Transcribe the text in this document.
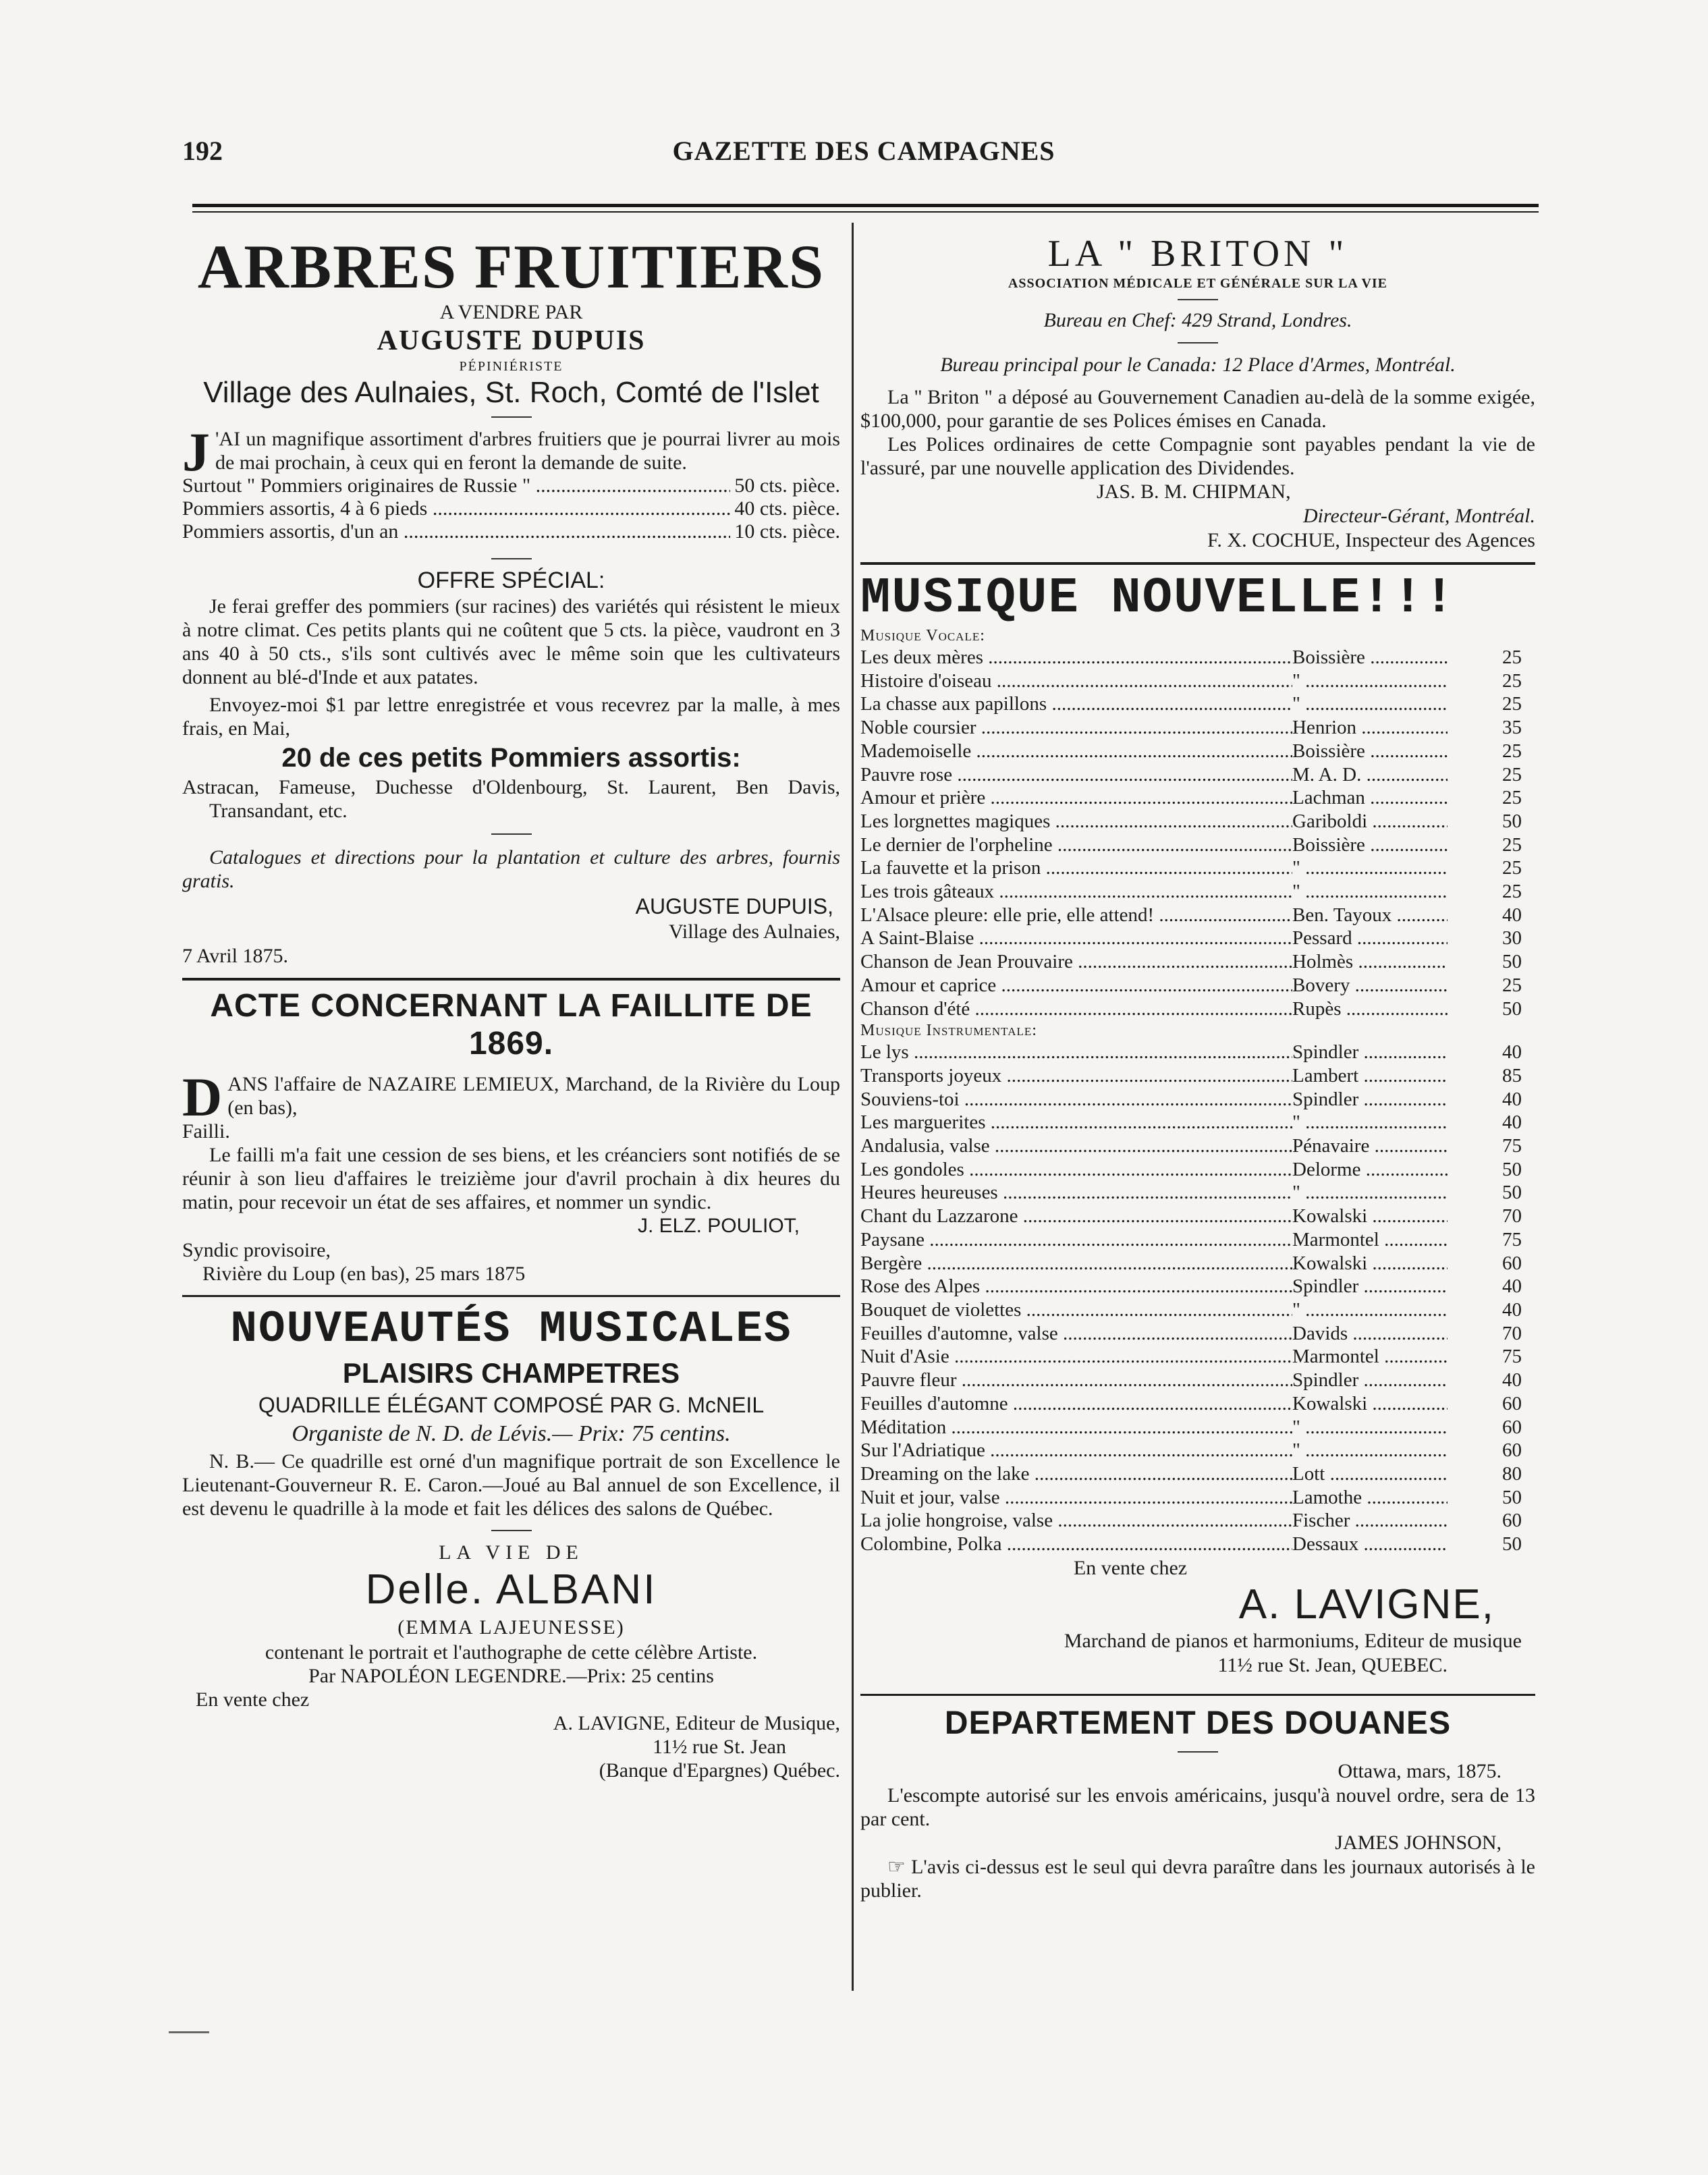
192	GAZETTE DES CAMPAGNES
ARBRES FRUITIERS
A VENDRE PAR
AUGUSTE DUPUIS
PÉPINIÉRISTE
Village des Aulnaies, St. Roch, Comté de l'Islet
J 'AI un magnifique assortiment d'arbres fruitiers que je pourrai livrer au mois de mai prochain, à ceux qui en feront la demande de suite.
Surtout " Pommiers originaires de Russie " .....	50 cts. pièce.
Pommiers assortis, 4 à 6 pieds .....	40 cts. pièce.
Pommiers assortis, d'un an .....	10 cts. pièce.
OFFRE SPÉCIAL:
Je ferai greffer des pommiers (sur racines) des variétés qui résistent le mieux à notre climat. Ces petits plants qui ne coûtent que 5 cts. la pièce, vaudront en 3 ans 40 à 50 cts., s'ils sont cultivés avec le même soin que les cultivateurs donnent au blé-d'Inde et aux patates.
Envoyez-moi $1 par lettre enregistrée et vous recevrez par la malle, à mes frais, en Mai,
20 de ces petits Pommiers assortis:
Astracan, Fameuse, Duchesse d'Oldenbourg, St. Laurent, Ben Davis, Transandant, etc.
Catalogues et directions pour la plantation et culture des arbres, fournis gratis.
AUGUSTE DUPUIS,
Village des Aulnaies,
7 Avril 1875.
ACTE CONCERNANT LA FAILLITE DE 1869.
DANS l'affaire de NAZAIRE LEMIEUX, Marchand, de la Rivière du Loup (en bas),
Failli.
Le failli m'a fait une cession de ses biens, et les créanciers sont notifiés de se réunir à son lieu d'affaires le treizième jour d'avril prochain à dix heures du matin, pour recevoir un état de ses affaires, et nommer un syndic.
J. ELZ. POULIOT,
Syndic provisoire,
Rivière du Loup (en bas), 25 mars 1875
NOUVEAUTÉS MUSICALES
PLAISIRS CHAMPETRES
QUADRILLE ÉLÉGANT COMPOSÉ PAR G. McNEIL
Organiste de N. D. de Lévis.— Prix: 75 centins.
N. B.— Ce quadrille est orné d'un magnifique portrait de son Excellence le Lieutenant-Gouverneur R. E. Caron.—Joué au Bal annuel de son Excellence, il est devenu le quadrille à la mode et fait les délices des salons de Québec.
LA VIE DE
Delle. ALBANI
(EMMA LAJEUNESSE)
contenant le portrait et l'authographe de cette célèbre Artiste.
Par NAPOLÉON LEGENDRE.—Prix: 25 centins
En vente chez
A. LAVIGNE, Editeur de Musique,
11½ rue St. Jean
(Banque d'Epargnes) Québec.
LA " BRITON "
ASSOCIATION MÉDICALE ET GÉNÉRALE SUR LA VIE
Bureau en Chef: 429 Strand, Londres.
Bureau principal pour le Canada: 12 Place d'Armes, Montréal.
La " Briton " a déposé au Gouvernement Canadien au-delà de la somme exigée, $100,000, pour garantie de ses Polices émises en Canada.
Les Polices ordinaires de cette Compagnie sont payables pendant la vie de l'assuré, par une nouvelle application des Dividendes.
JAS. B. M. CHIPMAN,
Directeur-Gérant, Montréal.
F. X. COCHUE, Inspecteur des Agences
MUSIQUE NOUVELLE!!!
Musique Vocale:
Les deux mères .....	Boissière .....	25
Histoire d'oiseau .....	" .....	25
La chasse aux papillons .....	" .....	25
Noble coursier .....	Henrion .....	35
Mademoiselle .....	Boissière .....	25
Pauvre rose .....	M. A. D. .....	25
Amour et prière .....	Lachman .....	25
Les lorgnettes magiques .....	Gariboldi .....	50
Le dernier de l'orpheline .....	Boissière .....	25
La fauvette et la prison .....	" .....	25
Les trois gâteaux .....	" .....	25
L'Alsace pleure: elle prie, elle attend! .....	Ben. Tayoux .....	40
A Saint-Blaise .....	Pessard .....	30
Chanson de Jean Prouvaire .....	Holmès .....	50
Amour et caprice .....	Bovery .....	25
Chanson d'été .....	Rupès .....	50
Musique Instrumentale:
Le lys .....	Spindler .....	40
Transports joyeux .....	Lambert .....	85
Souviens-toi .....	Spindler .....	40
Les marguerites .....	" .....	40
Andalusia, valse .....	Pénavaire .....	75
Les gondoles .....	Delorme .....	50
Heures heureuses .....	" .....	50
Chant du Lazzarone .....	Kowalski .....	70
Paysane .....	Marmontel .....	75
Bergère .....	Kowalski .....	60
Rose des Alpes .....	Spindler .....	40
Bouquet de violettes .....	" .....	40
Feuilles d'automne, valse .....	Davids .....	70
Nuit d'Asie .....	Marmontel .....	75
Pauvre fleur .....	Spindler .....	40
Feuilles d'automne .....	Kowalski .....	60
Méditation .....	" .....	60
Sur l'Adriatique .....	" .....	60
Dreaming on the lake .....	Lott .....	80
Nuit et jour, valse .....	Lamothe .....	50
La jolie hongroise, valse .....	Fischer .....	60
Colombine, Polka .....	Dessaux .....	50
En vente chez
A. LAVIGNE,
Marchand de pianos et harmoniums, Editeur de musique
11½ rue St. Jean, QUEBEC.
DEPARTEMENT DES DOUANES
Ottawa, mars, 1875.
L'escompte autorisé sur les envois américains, jusqu'à nouvel ordre, sera de 13 par cent.
JAMES JOHNSON,
☞ L'avis ci-dessus est le seul qui devra paraître dans les journaux autorisés à le publier.
